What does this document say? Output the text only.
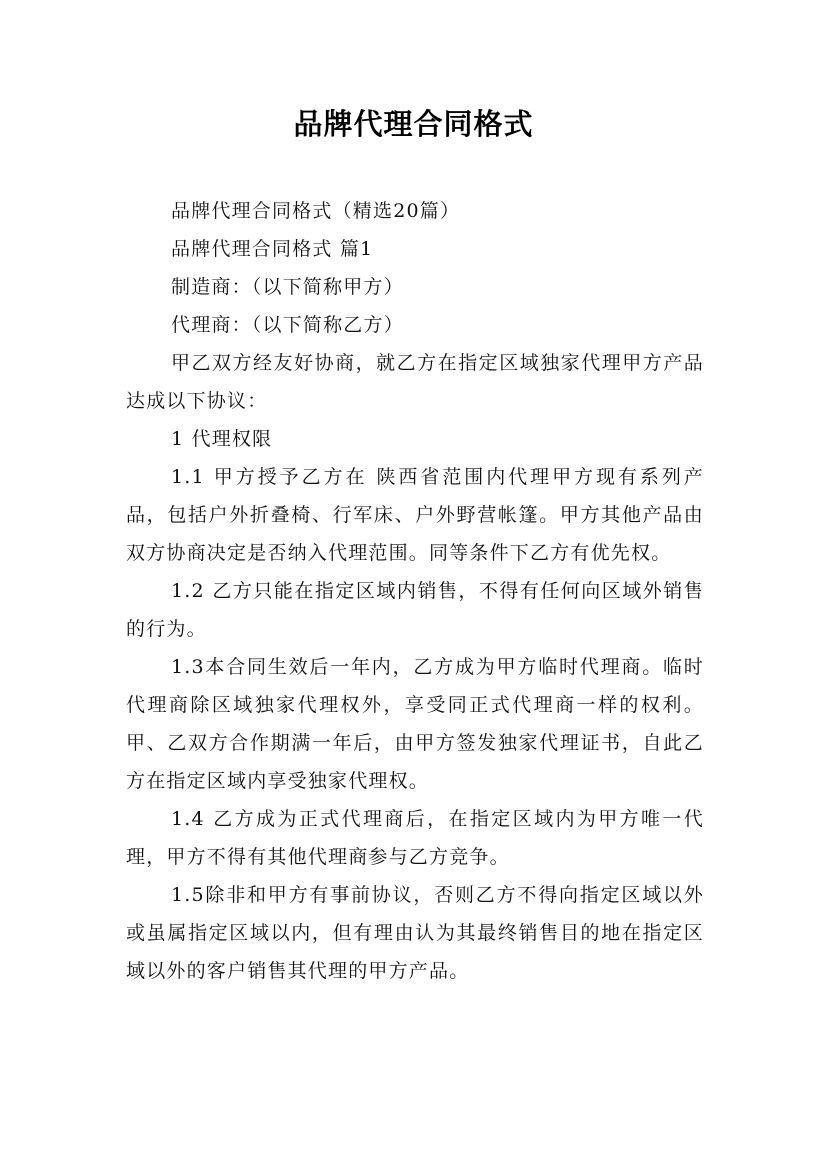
品牌代理合同格式

品牌代理合同格式（精选20篇）

品牌代理合同格式 篇1

制造商：（以下简称甲方）

代理商：（以下简称乙方）

甲乙双方经友好协商，就乙方在指定区域独家代理甲方产品达成以下协议：

1 代理权限

1.1 甲方授予乙方在 陕西省范围内代理甲方现有系列产品，包括户外折叠椅、行军床、户外野营帐篷。甲方其他产品由双方协商决定是否纳入代理范围。同等条件下乙方有优先权。

1.2 乙方只能在指定区域内销售，不得有任何向区域外销售的行为。

1.3本合同生效后一年内，乙方成为甲方临时代理商。临时代理商除区域独家代理权外，享受同正式代理商一样的权利。甲、乙双方合作期满一年后，由甲方签发独家代理证书，自此乙方在指定区域内享受独家代理权。

1.4 乙方成为正式代理商后，在指定区域内为甲方唯一代理，甲方不得有其他代理商参与乙方竞争。

1.5除非和甲方有事前协议，否则乙方不得向指定区域以外或虽属指定区域以内，但有理由认为其最终销售目的地在指定区域以外的客户销售其代理的甲方产品。
